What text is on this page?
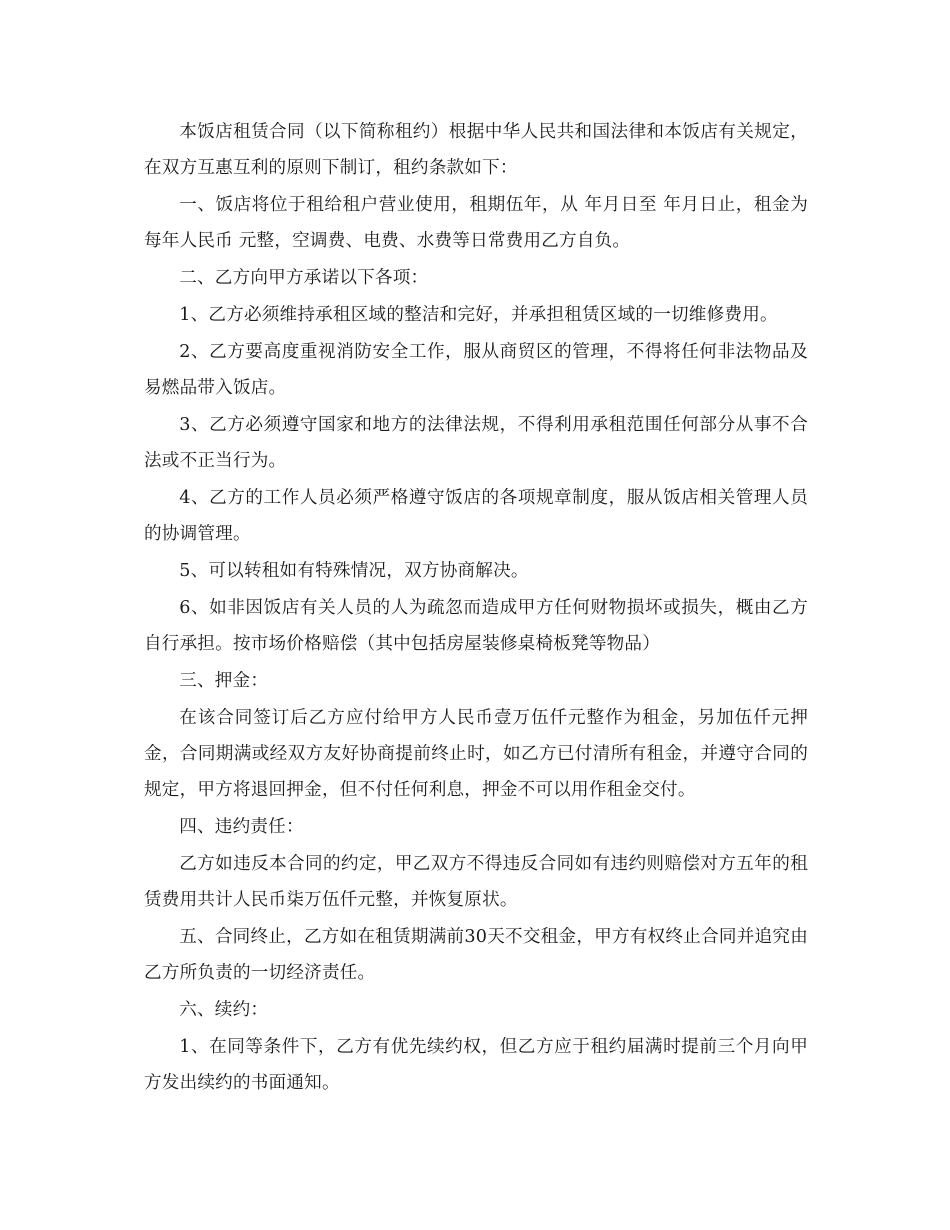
本饭店租赁合同（以下简称租约）根据中华人民共和国法律和本饭店有关规定，在双方互惠互利的原则下制订，租约条款如下：

一、饭店将位于租给租户营业使用，租期伍年，从 年月日至 年月日止，租金为每年人民币 元整，空调费、电费、水费等日常费用乙方自负。

二、乙方向甲方承诺以下各项：

1、乙方必须维持承租区域的整洁和完好，并承担租赁区域的一切维修费用。

2、乙方要高度重视消防安全工作，服从商贸区的管理，不得将任何非法物品及易燃品带入饭店。

3、乙方必须遵守国家和地方的法律法规，不得利用承租范围任何部分从事不合法或不正当行为。

4、乙方的工作人员必须严格遵守饭店的各项规章制度，服从饭店相关管理人员的协调管理。

5、可以转租如有特殊情况，双方协商解决。

6、如非因饭店有关人员的人为疏忽而造成甲方任何财物损坏或损失，概由乙方自行承担。按市场价格赔偿（其中包括房屋装修桌椅板凳等物品）

三、押金：

在该合同签订后乙方应付给甲方人民币壹万伍仟元整作为租金，另加伍仟元押金，合同期满或经双方友好协商提前终止时，如乙方已付清所有租金，并遵守合同的规定，甲方将退回押金，但不付任何利息，押金不可以用作租金交付。

四、违约责任：

乙方如违反本合同的约定，甲乙双方不得违反合同如有违约则赔偿对方五年的租赁费用共计人民币柒万伍仟元整，并恢复原状。

五、合同终止，乙方如在租赁期满前30天不交租金，甲方有权终止合同并追究由乙方所负责的一切经济责任。

六、续约：

1、在同等条件下，乙方有优先续约权，但乙方应于租约届满时提前三个月向甲方发出续约的书面通知。
